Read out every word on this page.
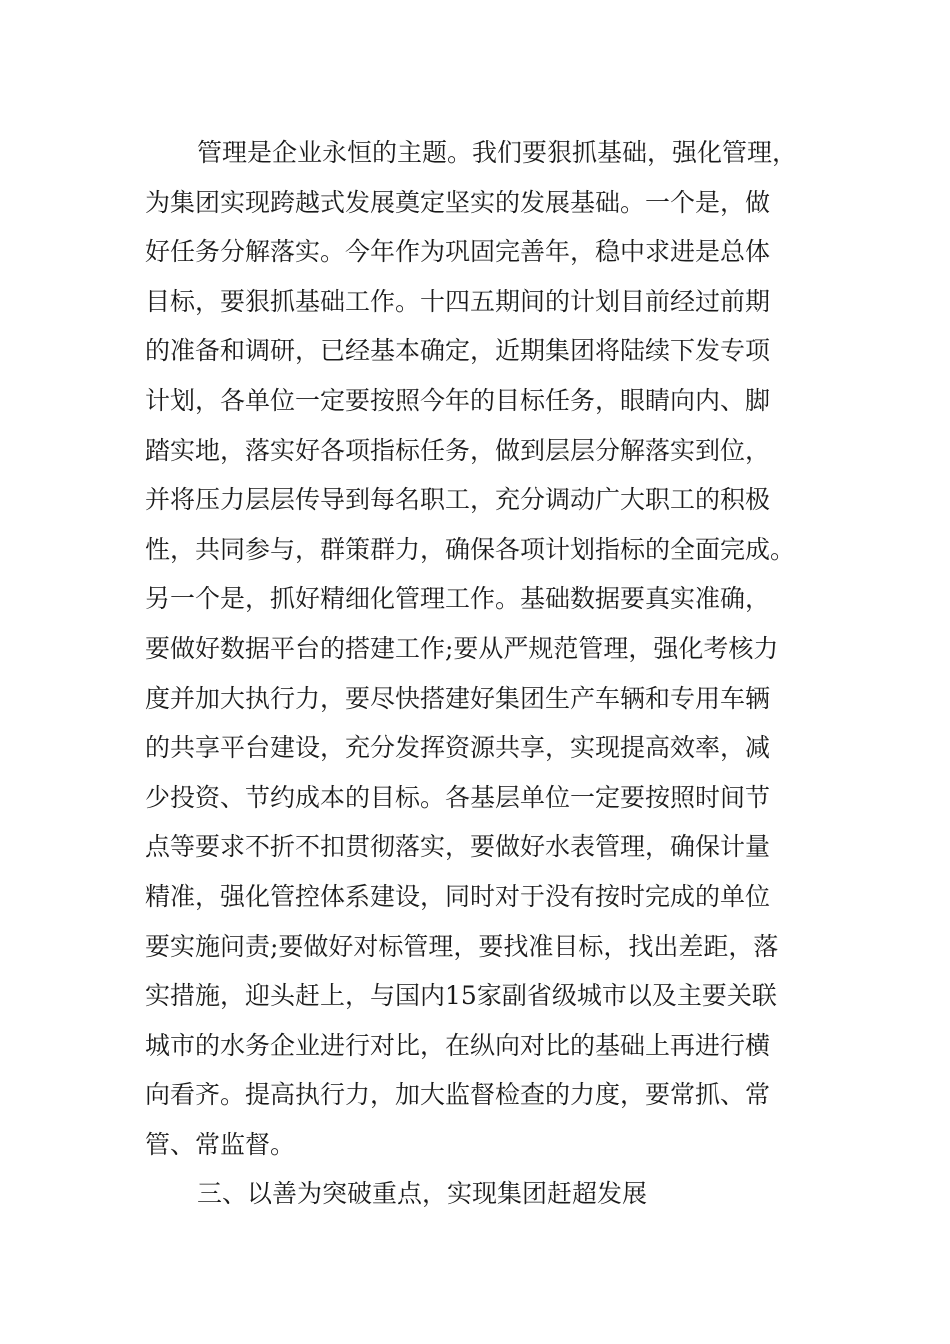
管理是企业永恒的主题。我们要狠抓基础，强化管理，
为集团实现跨越式发展奠定坚实的发展基础。一个是，做
好任务分解落实。今年作为巩固完善年，稳中求进是总体
目标，要狠抓基础工作。十四五期间的计划目前经过前期
的准备和调研，已经基本确定，近期集团将陆续下发专项
计划，各单位一定要按照今年的目标任务，眼睛向内、脚
踏实地，落实好各项指标任务，做到层层分解落实到位，
并将压力层层传导到每名职工，充分调动广大职工的积极
性，共同参与，群策群力，确保各项计划指标的全面完成。
另一个是，抓好精细化管理工作。基础数据要真实准确，
要做好数据平台的搭建工作;要从严规范管理，强化考核力
度并加大执行力，要尽快搭建好集团生产车辆和专用车辆
的共享平台建设，充分发挥资源共享，实现提高效率，减
少投资、节约成本的目标。各基层单位一定要按照时间节
点等要求不折不扣贯彻落实，要做好水表管理，确保计量
精准，强化管控体系建设，同时对于没有按时完成的单位
要实施问责;要做好对标管理，要找准目标，找出差距，落
实措施，迎头赶上，与国内15家副省级城市以及主要关联
城市的水务企业进行对比，在纵向对比的基础上再进行横
向看齐。提高执行力，加大监督检查的力度，要常抓、常
管、常监督。
三、以善为突破重点，实现集团赶超发展
